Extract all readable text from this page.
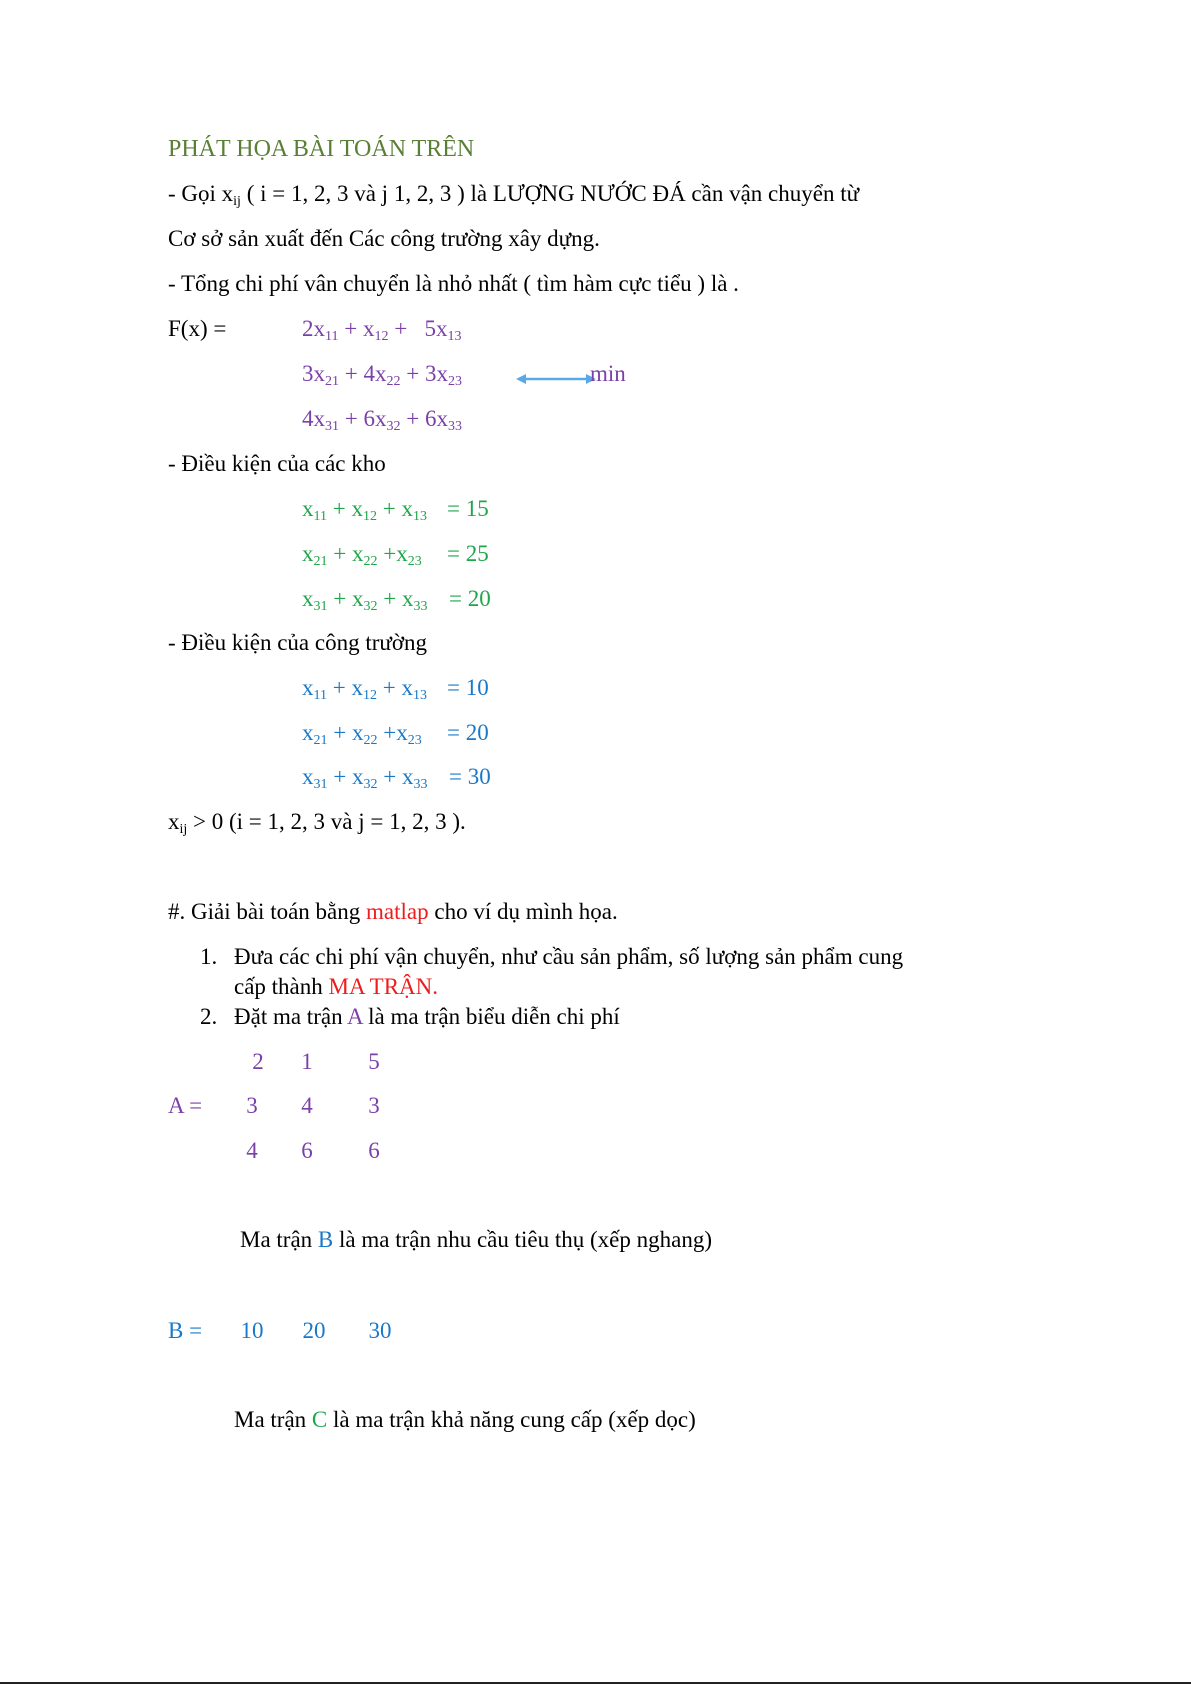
PHÁT HỌA BÀI TOÁN TRÊN
- Gọi $x_{ij}$ ( i = 1, 2, 3 và j 1, 2, 3 ) là LƯỢNG NƯỚC ĐÁ cần vận chuyển từ
Cơ sở sản xuất đến Các công trường xây dựng.
- Tổng chi phí vân chuyển là nhỏ nhất ( tìm hàm cực tiểu ) là .
F(x) =	$2x_{11} + x_{12} + 5x_{13}$
$3x_{21} + 4x_{22} + 3x_{23}$	min
$4x_{31} + 6x_{32} + 6x_{33}$
- Điều kiện của các kho
$x_{11} + x_{12} + x_{13} = 15$
$x_{21} + x_{22} +x_{23} = 25$
$x_{31} + x_{32} + x_{33} = 20$
- Điều kiện của công trường
$x_{11} + x_{12} + x_{13} = 10$
$x_{21} + x_{22} +x_{23} = 20$
$x_{31} + x_{32} + x_{33} = 30$
$x_{ij} > 0$ (i = 1, 2, 3 và j = 1, 2, 3 ).
#. Giải bài toán bằng matlap cho ví dụ mình họa.
1. Đưa các chi phí vận chuyển, như cầu sản phẩm, số lượng sản phẩm cung
cấp thành MA TRẬN.
2. Đặt ma trận A là ma trận biểu diễn chi phí
A =
2	1	5
3	4	3
4	6	6
Ma trận B là ma trận nhu cầu tiêu thụ (xếp nghang)
B =	10	20	30
Ma trận C là ma trận khả năng cung cấp (xếp dọc)
